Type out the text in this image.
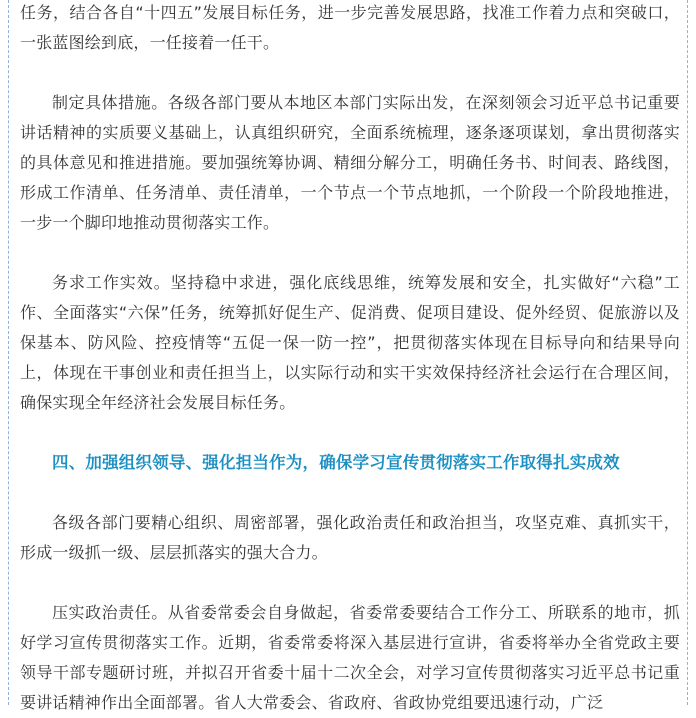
任务，结合各自“十四五”发展目标任务，进一步完善发展思路，找准工作着力点和突破口，一张蓝图绘到底，一任接着一任干。

制定具体措施。各级各部门要从本地区本部门实际出发，在深刻领会习近平总书记重要讲话精神的实质要义基础上，认真组织研究，全面系统梳理，逐条逐项谋划，拿出贯彻落实的具体意见和推进措施。要加强统筹协调、精细分解分工，明确任务书、时间表、路线图，形成工作清单、任务清单、责任清单，一个节点一个节点地抓，一个阶段一个阶段地推进，一步一个脚印地推动贯彻落实工作。

务求工作实效。坚持稳中求进，强化底线思维，统筹发展和安全，扎实做好“六稳”工作、全面落实“六保”任务，统筹抓好促生产、促消费、促项目建设、促外经贸、促旅游以及保基本、防风险、控疫情等“五促一保一防一控”，把贯彻落实体现在目标导向和结果导向上，体现在干事创业和责任担当上，以实际行动和实干实效保持经济社会运行在合理区间，确保实现全年经济社会发展目标任务。

四、加强组织领导、强化担当作为，确保学习宣传贯彻落实工作取得扎实成效

各级各部门要精心组织、周密部署，强化政治责任和政治担当，攻坚克难、真抓实干，形成一级抓一级、层层抓落实的强大合力。

压实政治责任。从省委常委会自身做起，省委常委要结合工作分工、所联系的地市，抓好学习宣传贯彻落实工作。近期，省委常委将深入基层进行宣讲，省委将举办全省党政主要领导干部专题研讨班，并拟召开省委十届十二次全会，对学习宣传贯彻落实习近平总书记重要讲话精神作出全面部署。省人大常委会、省政府、省政协党组要迅速行动，广泛
